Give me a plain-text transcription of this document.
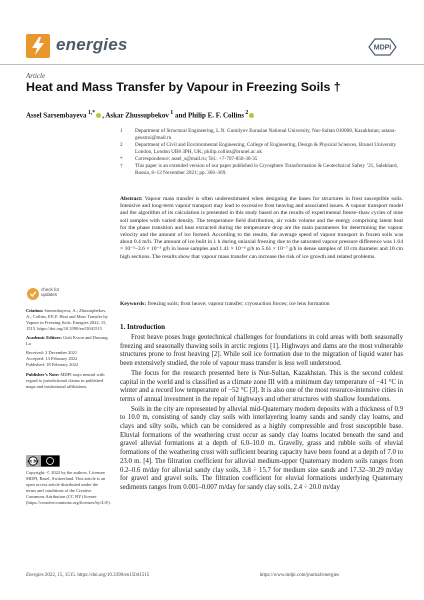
energies	MDPI
Article
Heat and Mass Transfer by Vapour in Freezing Soils †
Assel Sarsembayeva $^{1,*}$ , Askar Zhussupbekov $^1$ and Philip E. F. Collins $^2$
1	Department of Structural Engineering, L.N. Gumilyov Eurasian National University, Nur-Sultan 010008, Kazakhstan; astana-geostroi@mail.ru
2	Department of Civil and Environmental Engineering, College of Engineering, Design & Physical Sciences, Brunel University London, London UB8 3PH, UK; philip.collins@brunel.ac.uk
*	Correspondence: assel_s@mail.ru; Tel.: +7-707-850-30-35
†	This paper is an extended version of our paper published in Cryosphere Transformation & Geotechnical Safety ’21, Salekhard, Russia, 8–12 November 2021; pp. 366–369.
Abstract: Vapour mass transfer is often underestimated when designing the bases for structures in frost susceptible soils. Intensive and long-term vapour transport may lead to excessive frost heaving and associated issues. A vapour transport model and the algorithm of its calculation is presented in this study based on the results of experimental freeze–thaw cycles of nine soil samples with varied density. The temperature field distribution, air voids volume and the energy comprising latent heat for the phase transition and heat extracted during the temperature drop are the main parameters for determining the vapour velocity and the amount of ice formed. According to the results, the average speed of vapour transport in frozen soils was about 0.4 m/h. The amount of ice built in 1 h during uniaxial freezing due to the saturated vapour pressure difference was 1.64 × 10⁻⁵–3.6 × 10⁻⁵ g/h in loose samples and 1.41 × 10⁻⁶ g/h to 5.61 × 10⁻⁷ g/h in dense samples of 10 cm diameter and 10 cm high sections. The results show that vapour mass transfer can increase the risk of ice growth and related problems.
Keywords: freezing soils; frost heave; vapour transfer; cryosuction forces; ice lens formation
check for updates

Citation: Sarsembayeva, A.; Zhussupbekov, A.; Collins, P.E.F. Heat and Mass Transfer by Vapour in Freezing Soils. Energies 2022, 15, 1515. https://doi.org/10.3390/en15041515

Academic Editors: Gizh Kwon and Dawang Lu

Received: 2 December 2021
Accepted: 13 February 2022
Published: 18 February 2022

Publisher’s Note: MDPI stays neutral with regard to jurisdictional claims in published maps and institutional affiliations.

cc by
Copyright: © 2022 by the authors. Licensee MDPI, Basel, Switzerland. This article is an open access article distributed under the terms and conditions of the Creative Commons Attribution (CC BY) license (https://creativecommons.org/licenses/by/4.0/).
1. Introduction

Frost heave poses huge geotechnical challenges for foundations in cold areas with both seasonally freezing and seasonally thawing soils in arctic regions [1]. Highways and dams are the most vulnerable structures prone to frost heaving [2]. While soil ice formation due to the migration of liquid water has been extensively studied, the role of vapour mass transfer is less well understood.

The focus for the research presented here is Nur-Sultan, Kazakhstan. This is the second coldest capital in the world and is classified as a climate zone III with a minimum day temperature of −41 °C in winter and a record low temperature of −52 °C [3]. It is also one of the most resource-intensive cities in terms of annual investment in the repair of highways and other structures with shallow foundations.

Soils in the city are represented by alluvial mid-Quaternary modern deposits with a thickness of 0.9 to 10.0 m, consisting of sandy clay soils with interlayering loamy sands and sandy clay loams, and clays and silty soils, which can be considered as a highly compressible and frost susceptible base. Eluvial formations of the weathering crust occur as sandy clay loams located beneath the sand and gravel alluvial formations at a depth of 6.0–10.0 m. Gravelly, grass and rubble soils of eluvial formations of the weathering crust with sufficient bearing capacity have been found at a depth of 7.0 to 23.0 m. [4]. The filtration coefficient for alluvial medium-upper Quaternary modern soils ranges from 0.2–0.6 m/day for alluvial sandy clay soils, 3.8 ÷ 15.7 for medium size sands and 17.32–30.29 m/day for gravel and gravel soils. The filtration coefficient for eluvial formations underlying Quaternary sediments ranges from 0.001–0.007 m/day for sandy clay soils, 2.4 ÷ 20.0 m/day

Energies 2022, 15, 1515. https://doi.org/10.3390/en15041515	https://www.mdpi.com/journal/energies
